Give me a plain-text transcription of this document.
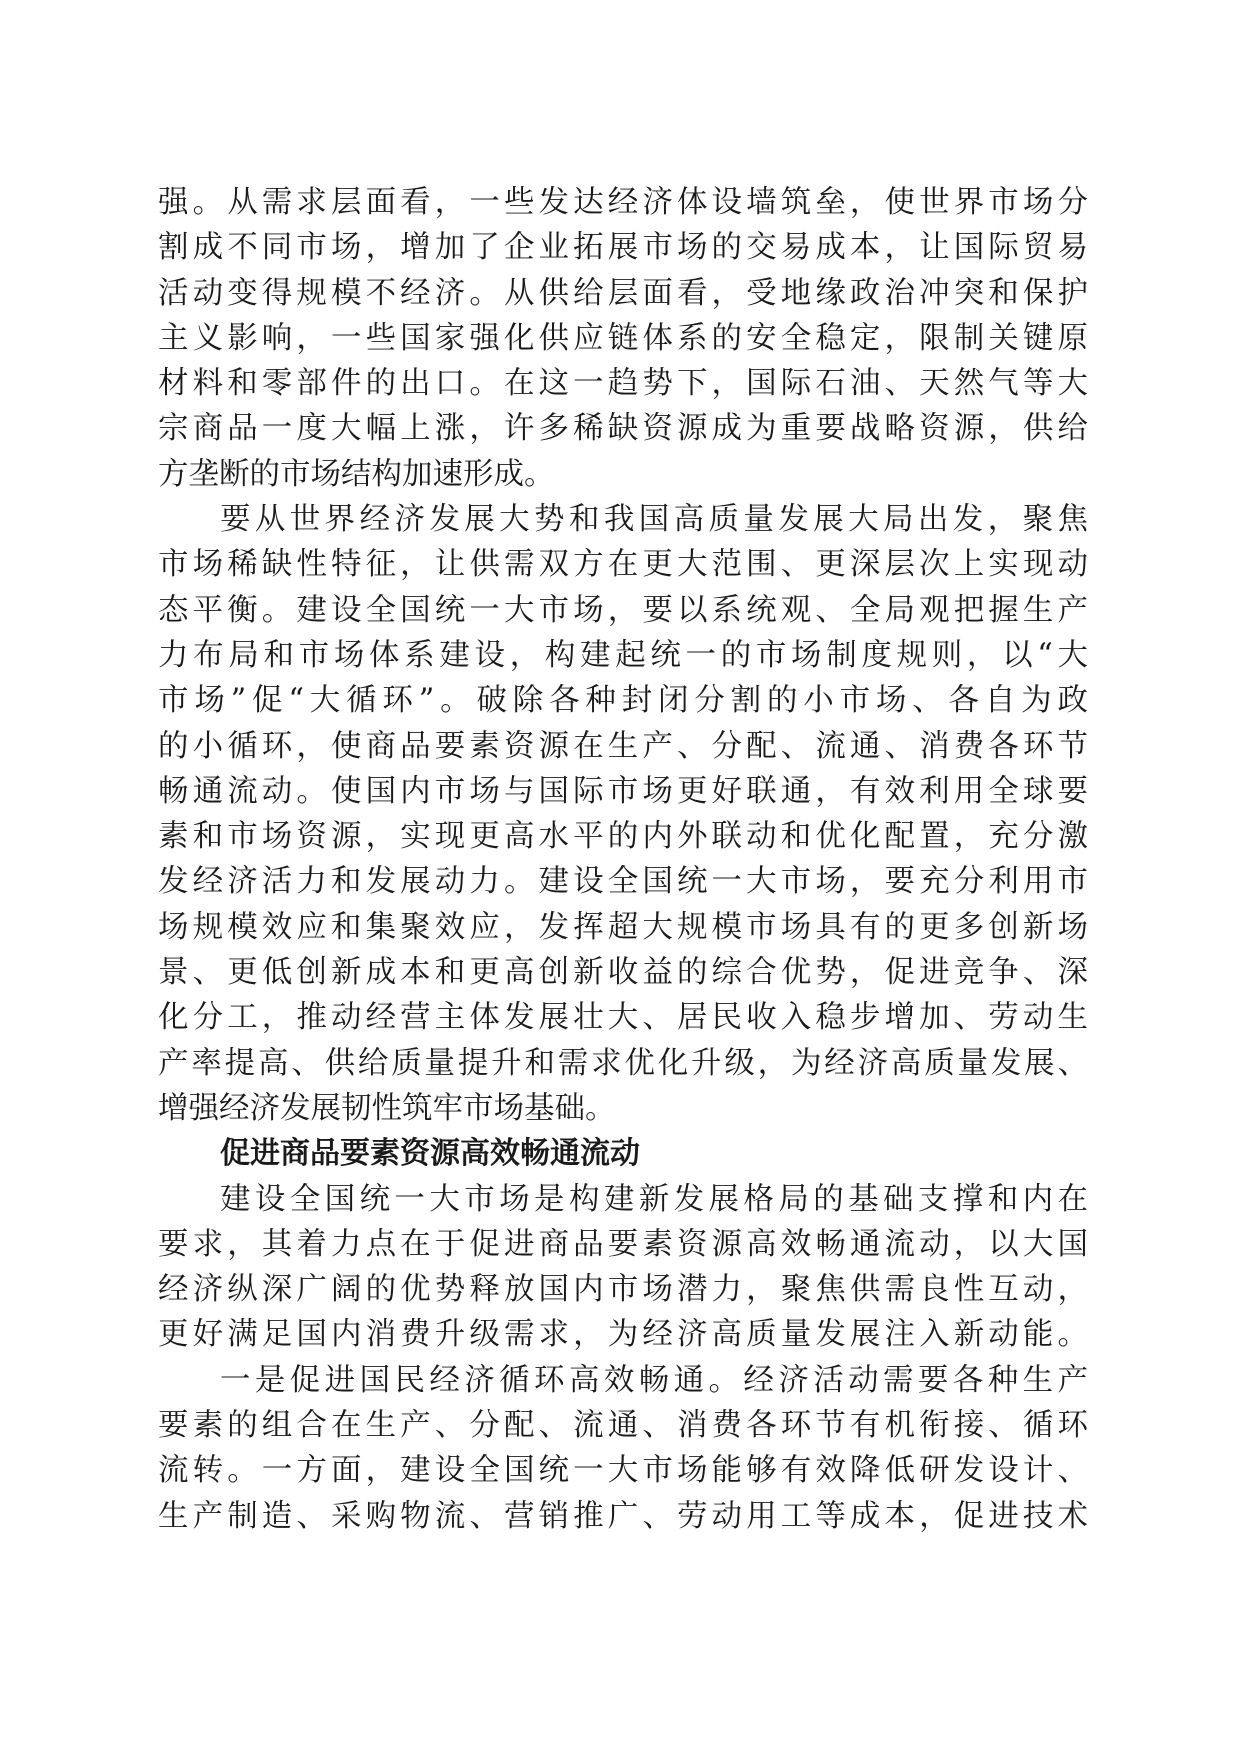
强。从需求层面看，一些发达经济体设墙筑垒，使世界市场分
割成不同市场，增加了企业拓展市场的交易成本，让国际贸易
活动变得规模不经济。从供给层面看，受地缘政治冲突和保护
主义影响，一些国家强化供应链体系的安全稳定，限制关键原
材料和零部件的出口。在这一趋势下，国际石油、天然气等大
宗商品一度大幅上涨，许多稀缺资源成为重要战略资源，供给
方垄断的市场结构加速形成。
要从世界经济发展大势和我国高质量发展大局出发，聚焦
市场稀缺性特征，让供需双方在更大范围、更深层次上实现动
态平衡。建设全国统一大市场，要以系统观、全局观把握生产
力布局和市场体系建设，构建起统一的市场制度规则，以“大
市场”促“大循环”。破除各种封闭分割的小市场、各自为政
的小循环，使商品要素资源在生产、分配、流通、消费各环节
畅通流动。使国内市场与国际市场更好联通，有效利用全球要
素和市场资源，实现更高水平的内外联动和优化配置，充分激
发经济活力和发展动力。建设全国统一大市场，要充分利用市
场规模效应和集聚效应，发挥超大规模市场具有的更多创新场
景、更低创新成本和更高创新收益的综合优势，促进竞争、深
化分工，推动经营主体发展壮大、居民收入稳步增加、劳动生
产率提高、供给质量提升和需求优化升级，为经济高质量发展、
增强经济发展韧性筑牢市场基础。
促进商品要素资源高效畅通流动
建设全国统一大市场是构建新发展格局的基础支撑和内在
要求，其着力点在于促进商品要素资源高效畅通流动，以大国
经济纵深广阔的优势释放国内市场潜力，聚焦供需良性互动，
更好满足国内消费升级需求，为经济高质量发展注入新动能。
一是促进国民经济循环高效畅通。经济活动需要各种生产
要素的组合在生产、分配、流通、消费各环节有机衔接、循环
流转。一方面，建设全国统一大市场能够有效降低研发设计、
生产制造、采购物流、营销推广、劳动用工等成本，促进技术
